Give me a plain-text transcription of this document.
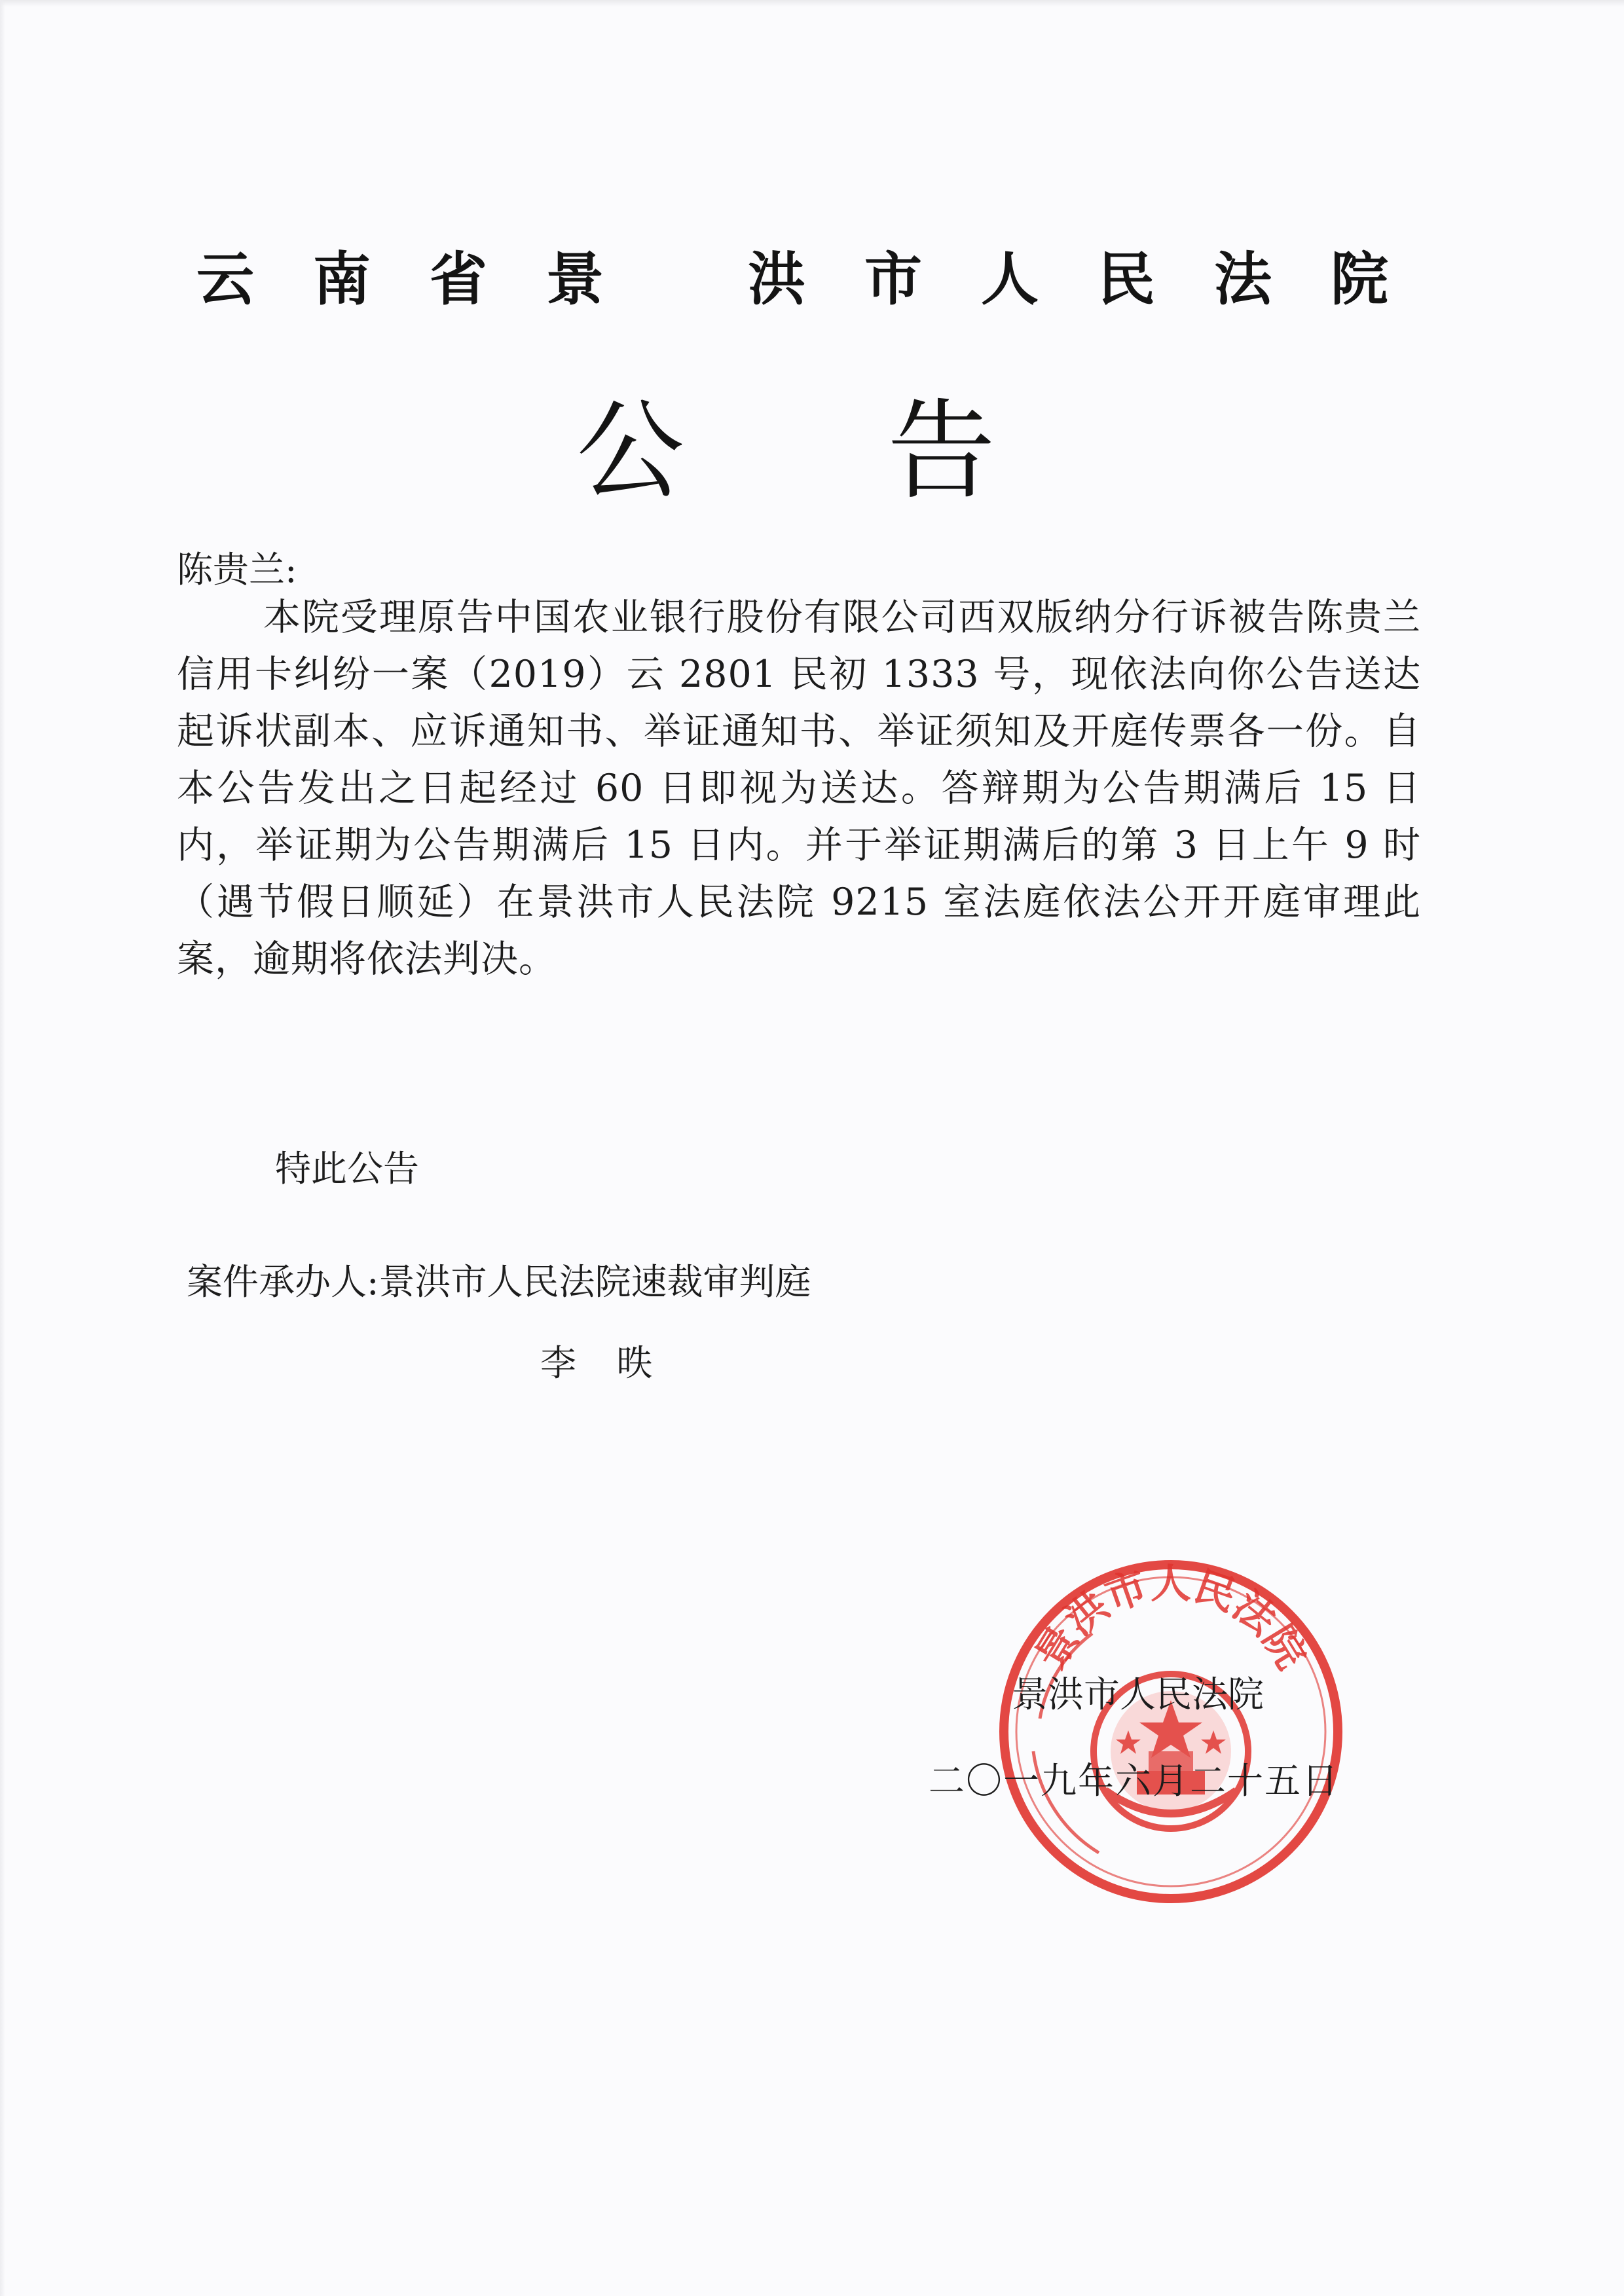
云 南 省 景 洪 市 人 民 法 院
公 告
陈贵兰:
本院受理原告中国农业银行股份有限公司西双版纳分行诉被告陈贵兰信用卡纠纷一案（2019）云 2801 民初 1333 号，现依法向你公告送达起诉状副本、应诉通知书、举证通知书、举证须知及开庭传票各一份。自本公告发出之日起经过 60 日即视为送达。答辩期为公告期满后 15 日内，举证期为公告期满后 15 日内。并于举证期满后的第 3 日上午 9 时（遇节假日顺延）在景洪市人民法院 9215 室法庭依法公开开庭审理此案，逾期将依法判决。
特此公告
案件承办人:景洪市人民法院速裁审判庭
李 昳
景洪市人民法院
景洪市人民法院
二〇一九年六月二十五日
